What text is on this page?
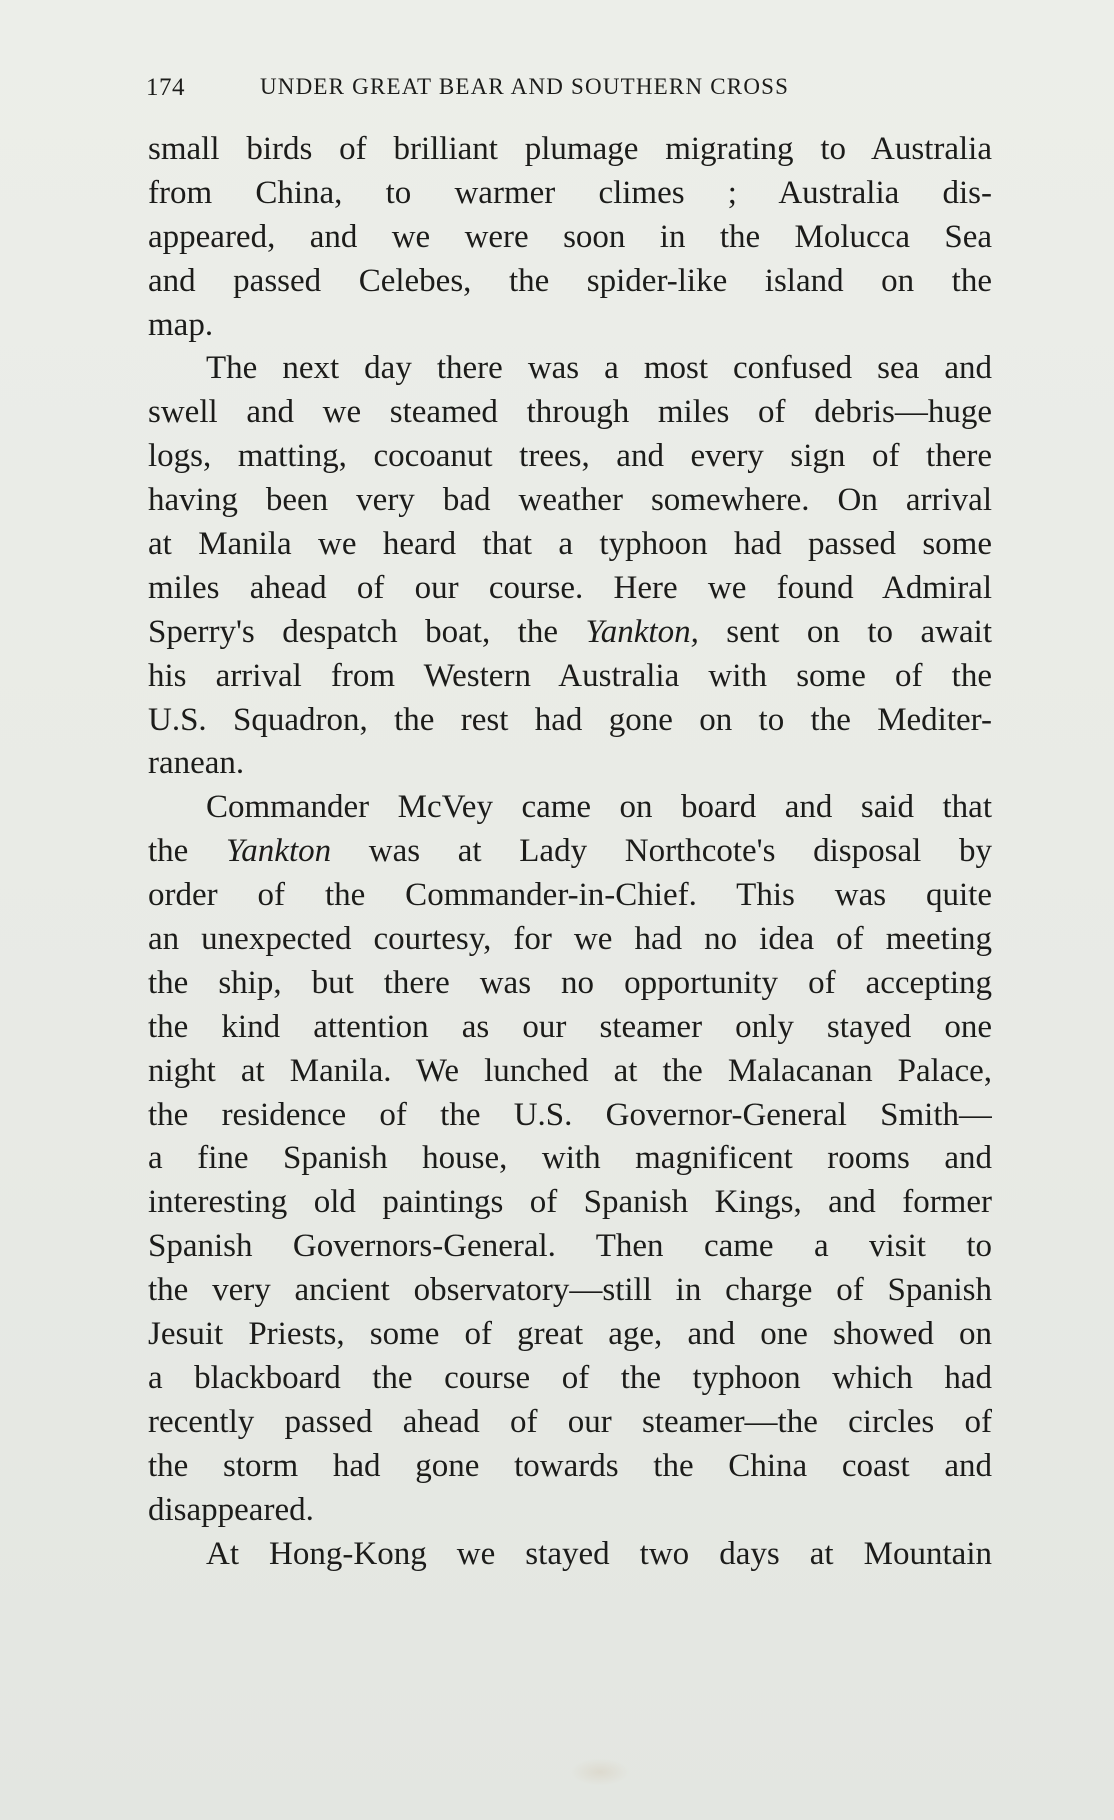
174	UNDER GREAT BEAR AND SOUTHERN CROSS
small birds of brilliant plumage migrating to Australia
from China, to warmer climes ; Australia dis-
appeared, and we were soon in the Molucca Sea
and passed Celebes, the spider-like island on the
map.
The next day there was a most confused sea and
swell and we steamed through miles of debris—huge
logs, matting, cocoanut trees, and every sign of there
having been very bad weather somewhere. On arrival
at Manila we heard that a typhoon had passed some
miles ahead of our course. Here we found Admiral
Sperry's despatch boat, the Yankton, sent on to await
his arrival from Western Australia with some of the
U.S. Squadron, the rest had gone on to the Mediter-
ranean.
Commander McVey came on board and said that
the Yankton was at Lady Northcote's disposal by
order of the Commander-in-Chief. This was quite
an unexpected courtesy, for we had no idea of meeting
the ship, but there was no opportunity of accepting
the kind attention as our steamer only stayed one
night at Manila. We lunched at the Malacanan Palace,
the residence of the U.S. Governor-General Smith—
a fine Spanish house, with magnificent rooms and
interesting old paintings of Spanish Kings, and former
Spanish Governors-General. Then came a visit to
the very ancient observatory—still in charge of Spanish
Jesuit Priests, some of great age, and one showed on
a blackboard the course of the typhoon which had
recently passed ahead of our steamer—the circles of
the storm had gone towards the China coast and
disappeared.
At Hong-Kong we stayed two days at Mountain
